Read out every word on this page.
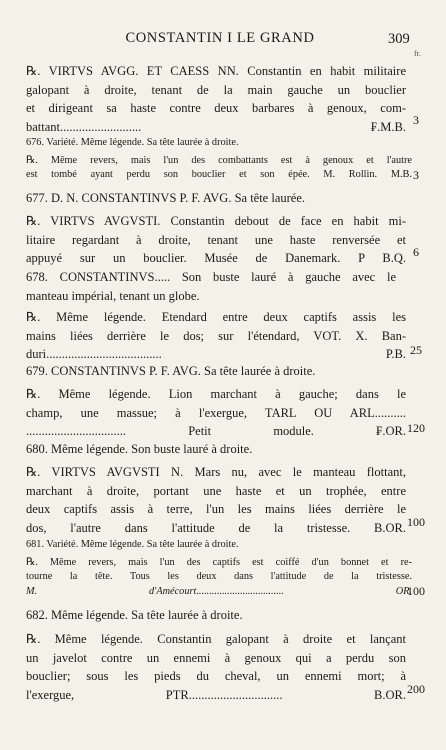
CONSTANTIN I LE GRAND	309
fr.
℞. VIRTVS AVGG. ET CAESS NN. Constantin en habit militaire
galopant à droite, tenant de la main gauche un bouclier
et dirigeant sa haste contre deux barbares à genoux, com-
battant.......................... ₣.M.B. 3
676. Variété. Même légende. Sa tête laurée à droite.
℞. Même revers, mais l'un des combattants est à genoux et l'autre
est tombé ayant perdu son bouclier et son épée. M. Rollin. M.B. 3
677. D. N. CONSTANTINVS P. F. AVG. Sa tête laurée.
℞. VIRTVS AVGVSTI. Constantin debout de face en habit mi-
litaire regardant à droite, tenant une haste renversée et
appuyé sur un bouclier. Musée de Danemark. P B.Q. 6
678. CONSTANTINVS..... Son buste lauré à gauche avec le
manteau impérial, tenant un globe.
℞. Même légende. Etendard entre deux captifs assis les
mains liées derrière le dos; sur l'étendard, VOT. X. Ban-
duri..................................... P.B. 25
679. CONSTANTINVS P. F. AVG. Sa tête laurée à droite.
℞. Même légende. Lion marchant à gauche; dans le
champ, une massue; à l'exergue, TARL OU ARL..........
................................ Petit module. ₣.OR. 120
680. Même légende. Son buste lauré à droite.
℞. VIRTVS AVGVSTI N. Mars nu, avec le manteau flottant,
marchant à droite, portant une haste et un trophée, entre
deux captifs assis à terre, l'un les mains liées derrière le
dos, l'autre dans l'attitude de la tristesse. B.OR. 100
681. Variété. Même légende. Sa tête laurée à droite.
℞. Même revers, mais l'un des captifs est coiffé d'un bonnet et re-
tourne la tête. Tous les deux dans l'attitude de la tristesse.
M. d'Amécourt.................................. OR.
100
682. Même légende. Sa tête laurée à droite.
℞. Même légende. Constantin galopant à droite et lançant
un javelot contre un ennemi à genoux qui a perdu son
bouclier; sous les pieds du cheval, un ennemi mort; à
l'exergue, PTR.............................. B.OR. 200
